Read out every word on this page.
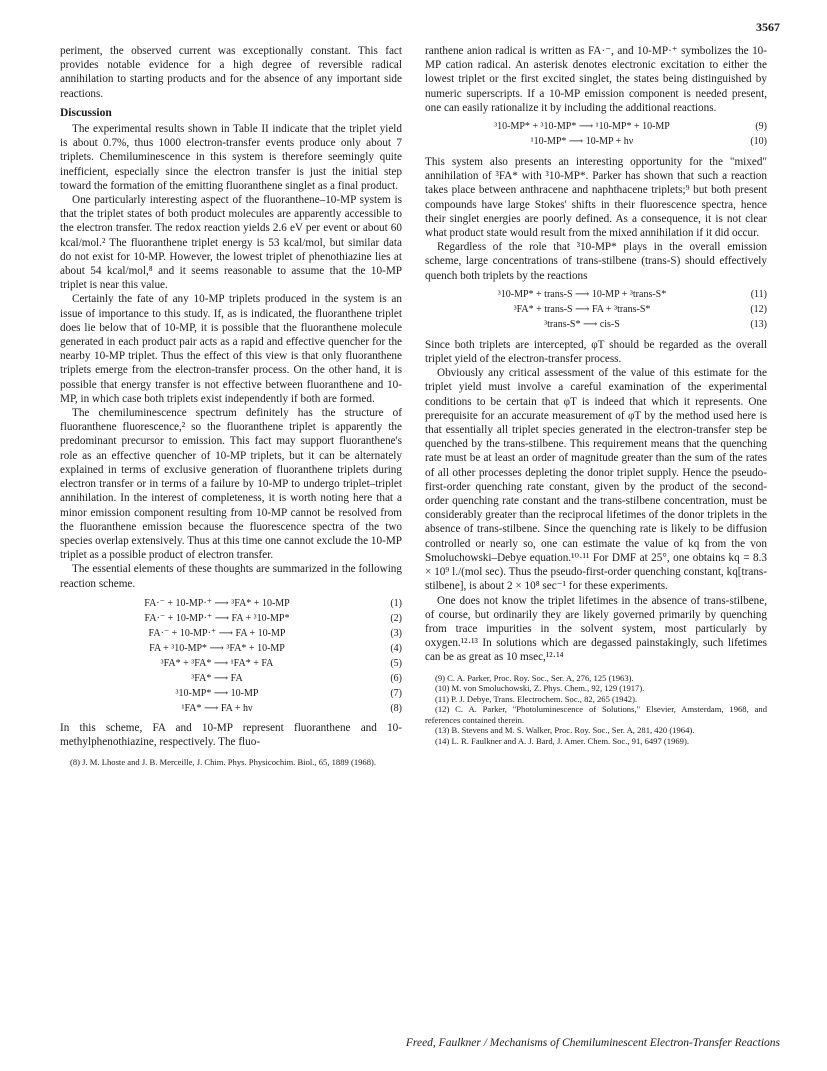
3567

periment, the observed current was exceptionally constant. This fact provides notable evidence for a high degree of reversible radical annihilation to starting products and for the absence of any important side reactions.

Discussion

The experimental results shown in Table II indicate that the triplet yield is about 0.7%, thus 1000 electron-transfer events produce only about 7 triplets. Chemiluminescence in this system is therefore seemingly quite inefficient, especially since the electron transfer is just the initial step toward the formation of the emitting fluoranthene singlet as a final product.

One particularly interesting aspect of the fluoranthene–10-MP system is that the triplet states of both product molecules are apparently accessible to the electron transfer. The redox reaction yields 2.6 eV per event or about 60 kcal/mol.² The fluoranthene triplet energy is 53 kcal/mol, but similar data do not exist for 10-MP. However, the lowest triplet of phenothiazine lies at about 54 kcal/mol,⁸ and it seems reasonable to assume that the 10-MP triplet is near this value.

Certainly the fate of any 10-MP triplets produced in the system is an issue of importance to this study. If, as is indicated, the fluoranthene triplet does lie below that of 10-MP, it is possible that the fluoranthene molecule generated in each product pair acts as a rapid and effective quencher for the nearby 10-MP triplet. Thus the effect of this view is that only fluoranthene triplets emerge from the electron-transfer process. On the other hand, it is possible that energy transfer is not effective between fluoranthene and 10-MP, in which case both triplets exist independently if both are formed.

The chemiluminescence spectrum definitely has the structure of fluoranthene fluorescence,² so the fluoranthene triplet is apparently the predominant precursor to emission. This fact may support fluoranthene's role as an effective quencher of 10-MP triplets, but it can be alternately explained in terms of exclusive generation of fluoranthene triplets during electron transfer or in terms of a failure by 10-MP to undergo triplet–triplet annihilation. In the interest of completeness, it is worth noting here that a minor emission component resulting from 10-MP cannot be resolved from the fluoranthene emission because the fluorescence spectra of the two species overlap extensively. Thus at this time one cannot exclude the 10-MP triplet as a possible product of electron transfer.

The essential elements of these thoughts are summarized in the following reaction scheme.

FA·⁻ + 10-MP·⁺ ⟶ ³FA* + 10-MP	(1)
FA·⁻ + 10-MP·⁺ ⟶ FA + ³10-MP*	(2)
FA·⁻ + 10-MP·⁺ ⟶ FA + 10-MP	(3)
FA + ³10-MP* ⟶ ³FA* + 10-MP	(4)
³FA* + ³FA* ⟶ ¹FA* + FA	(5)
³FA* ⟶ FA	(6)
³10-MP* ⟶ 10-MP	(7)
¹FA* ⟶ FA + hν	(8)

In this scheme, FA and 10-MP represent fluoranthene and 10-methylphenothiazine, respectively. The fluo-

(8) J. M. Lhoste and J. B. Merceille, J. Chim. Phys. Physicochim. Biol., 65, 1889 (1968).

ranthene anion radical is written as FA·⁻, and 10-MP·⁺ symbolizes the 10-MP cation radical. An asterisk denotes electronic excitation to either the lowest triplet or the first excited singlet, the states being distinguished by numeric superscripts. If a 10-MP emission component is needed present, one can easily rationalize it by including the additional reactions.

³10-MP* + ³10-MP* ⟶ ¹10-MP* + 10-MP	(9)
¹10-MP* ⟶ 10-MP + hν	(10)

This system also presents an interesting opportunity for the "mixed" annihilation of ³FA* with ³10-MP*. Parker has shown that such a reaction takes place between anthracene and naphthacene triplets;⁹ but both present compounds have large Stokes' shifts in their fluorescence spectra, hence their singlet energies are poorly defined. As a consequence, it is not clear what product state would result from the mixed annihilation if it did occur.

Regardless of the role that ³10-MP* plays in the overall emission scheme, large concentrations of trans-stilbene (trans-S) should effectively quench both triplets by the reactions

³10-MP* + trans-S ⟶ 10-MP + ³trans-S*	(11)
³FA* + trans-S ⟶ FA + ³trans-S*	(12)
³trans-S* ⟶ cis-S	(13)

Since both triplets are intercepted, φT should be regarded as the overall triplet yield of the electron-transfer process.

Obviously any critical assessment of the value of this estimate for the triplet yield must involve a careful examination of the experimental conditions to be certain that φT is indeed that which it represents. One prerequisite for an accurate measurement of φT by the method used here is that essentially all triplet species generated in the electron-transfer step be quenched by the trans-stilbene. This requirement means that the quenching rate must be at least an order of magnitude greater than the sum of the rates of all other processes depleting the donor triplet supply. Hence the pseudo-first-order quenching rate constant, given by the product of the second-order quenching rate constant and the trans-stilbene concentration, must be considerably greater than the reciprocal lifetimes of the donor triplets in the absence of trans-stilbene. Since the quenching rate is likely to be diffusion controlled or nearly so, one can estimate the value of kq from the von Smoluchowski–Debye equation.¹⁰·¹¹ For DMF at 25°, one obtains kq = 8.3 × 10⁹ l./(mol sec). Thus the pseudo-first-order quenching constant, kq[trans-stilbene], is about 2 × 10⁸ sec⁻¹ for these experiments.

One does not know the triplet lifetimes in the absence of trans-stilbene, of course, but ordinarily they are likely governed primarily by quenching from trace impurities in the solvent system, most particularly by oxygen.¹²·¹³ In solutions which are degassed painstakingly, such lifetimes can be as great as 10 msec,¹²·¹⁴

(9) C. A. Parker, Proc. Roy. Soc., Ser. A, 276, 125 (1963).

(10) M. von Smoluchowski, Z. Phys. Chem., 92, 129 (1917).

(11) P. J. Debye, Trans. Electrochem. Soc., 82, 265 (1942).

(12) C. A. Parker, "Photoluminescence of Solutions," Elsevier, Amsterdam, 1968, and references contained therein.

(13) B. Stevens and M. S. Walker, Proc. Roy. Soc., Ser. A, 281, 420 (1964).

(14) L. R. Faulkner and A. J. Bard, J. Amer. Chem. Soc., 91, 6497 (1969).

Freed, Faulkner / Mechanisms of Chemiluminescent Electron-Transfer Reactions
